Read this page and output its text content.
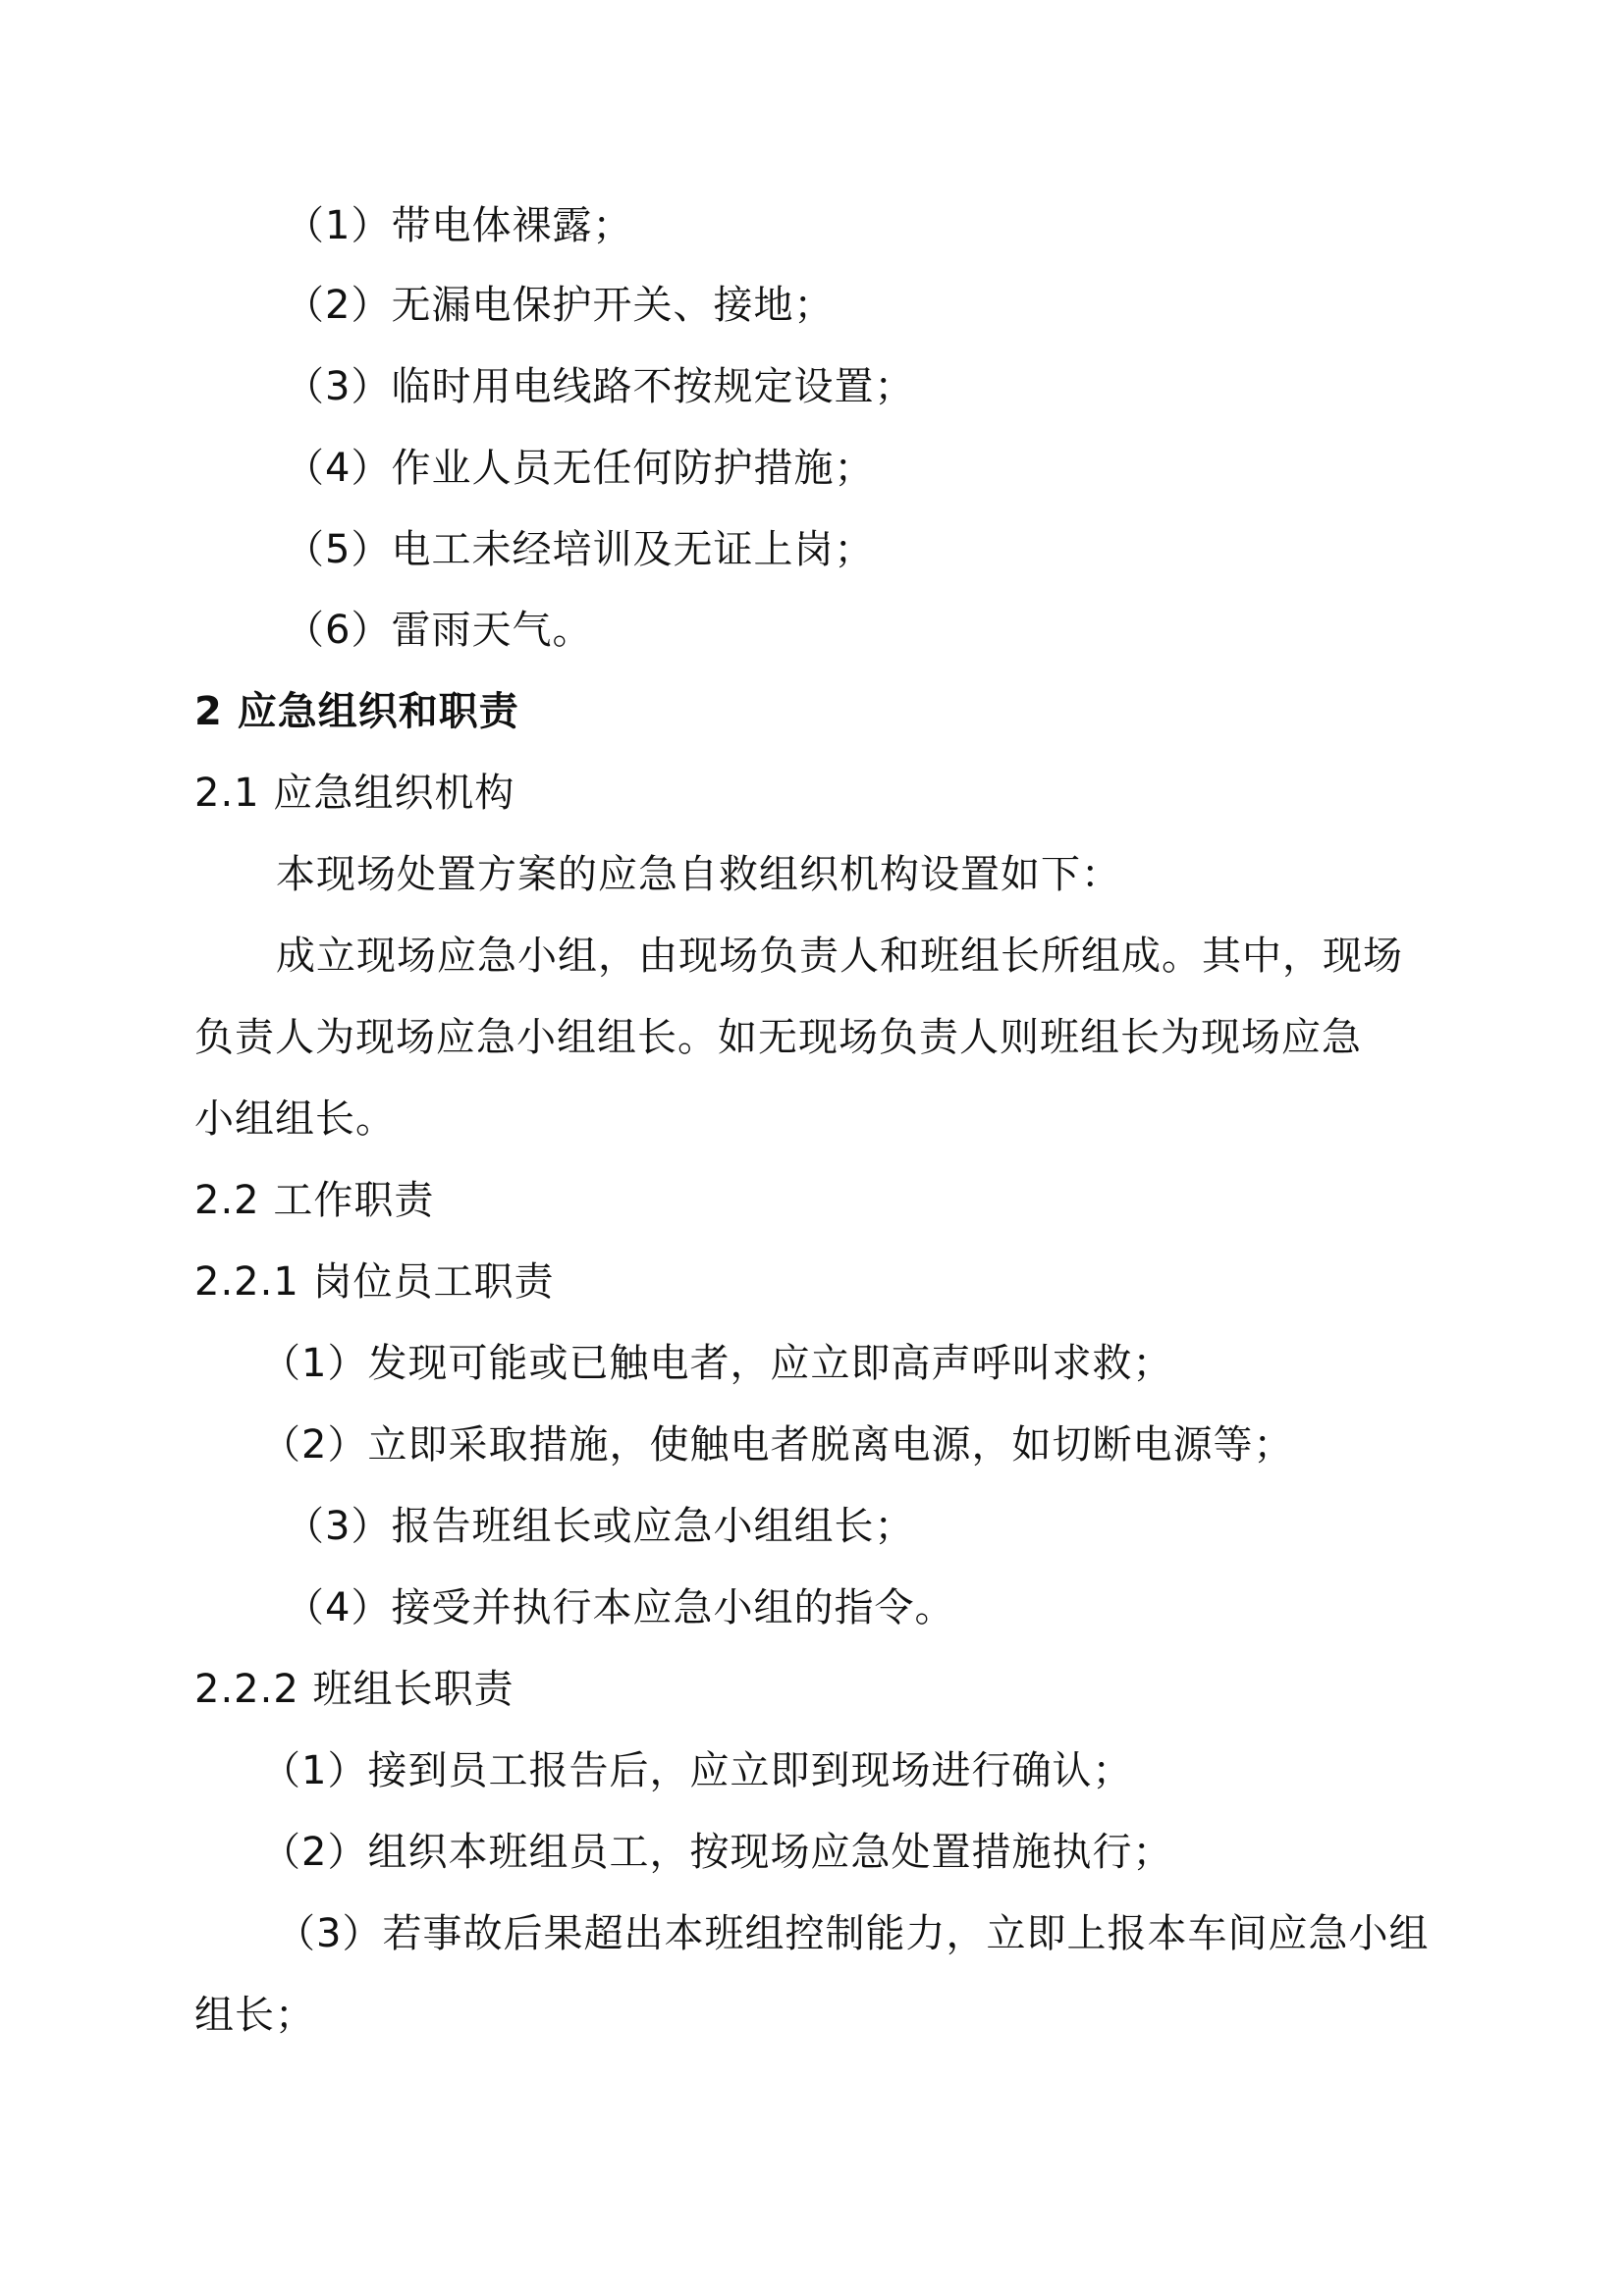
（1）带电体裸露；
（2）无漏电保护开关、接地；
（3）临时用电线路不按规定设置；
（4）作业人员无任何防护措施；
（5）电工未经培训及无证上岗；
（6）雷雨天气。
2 应急组织和职责
2.1 应急组织机构
本现场处置方案的应急自救组织机构设置如下：
成立现场应急小组，由现场负责人和班组长所组成。其中，现场
负责人为现场应急小组组长。如无现场负责人则班组长为现场应急
小组组长。
2.2 工作职责
2.2.1 岗位员工职责
（1）发现可能或已触电者，应立即高声呼叫求救；
（2）立即采取措施，使触电者脱离电源，如切断电源等；
（3）报告班组长或应急小组组长；
（4）接受并执行本应急小组的指令。
2.2.2 班组长职责
（1）接到员工报告后，应立即到现场进行确认；
（2）组织本班组员工，按现场应急处置措施执行；
（3）若事故后果超出本班组控制能力，立即上报本车间应急小组
组长；
